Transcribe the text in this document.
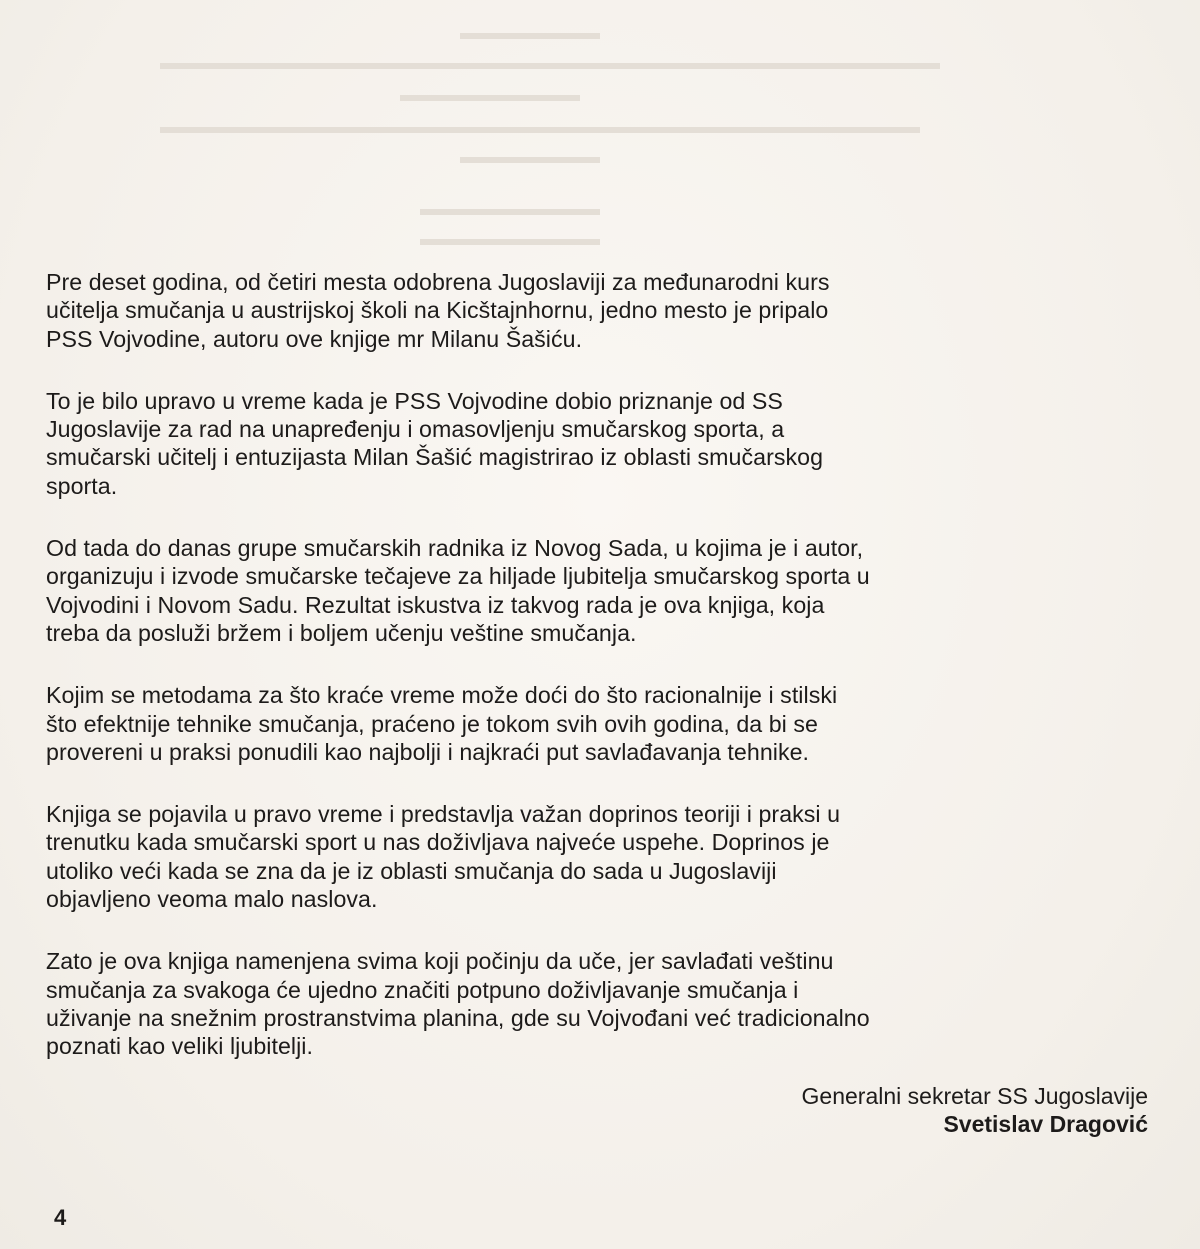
▬▬▬▬▬▬▬
▬▬▬▬▬▬▬▬▬▬▬▬▬▬▬▬▬▬▬▬▬▬▬▬▬▬▬▬▬▬▬▬▬▬▬▬▬▬▬
▬▬▬▬▬▬▬▬▬
▬▬▬▬▬▬▬▬▬▬▬▬▬▬▬▬▬▬▬▬▬▬▬▬▬▬▬▬▬▬▬▬▬▬▬▬▬▬
▬▬▬▬▬▬▬
▬▬▬▬▬▬▬▬▬
▬▬▬▬▬▬▬▬▬

Pre deset godina, od četiri mesta odobrena Jugoslaviji za međunarodni kurs
učitelja smučanja u austrijskoj školi na Kicštajnhornu, jedno mesto je pripalo
PSS Vojvodine, autoru ove knjige mr Milanu Šašiću.

To je bilo upravo u vreme kada je PSS Vojvodine dobio priznanje od SS
Jugoslavije za rad na unapređenju i omasovljenju smučarskog sporta, a
smučarski učitelj i entuzijasta Milan Šašić magistrirao iz oblasti smučarskog
sporta.

Od tada do danas grupe smučarskih radnika iz Novog Sada, u kojima je i autor,
organizuju i izvode smučarske tečajeve za hiljade ljubitelja smučarskog sporta u
Vojvodini i Novom Sadu. Rezultat iskustva iz takvog rada je ova knjiga, koja
treba da posluži bržem i boljem učenju veštine smučanja.

Kojim se metodama za što kraće vreme može doći do što racionalnije i stilski
što efektnije tehnike smučanja, praćeno je tokom svih ovih godina, da bi se
provereni u praksi ponudili kao najbolji i najkraći put savlađavanja tehnike.

Knjiga se pojavila u pravo vreme i predstavlja važan doprinos teoriji i praksi u
trenutku kada smučarski sport u nas doživljava najveće uspehe. Doprinos je
utoliko veći kada se zna da je iz oblasti smučanja do sada u Jugoslaviji
objavljeno veoma malo naslova.

Zato je ova knjiga namenjena svima koji počinju da uče, jer savlađati veštinu
smučanja za svakoga će ujedno značiti potpuno doživljavanje smučanja i
uživanje na snežnim prostranstvima planina, gde su Vojvođani već tradicionalno
poznati kao veliki ljubitelji.

Generalni sekretar SS Jugoslavije
Svetislav Dragović
4
